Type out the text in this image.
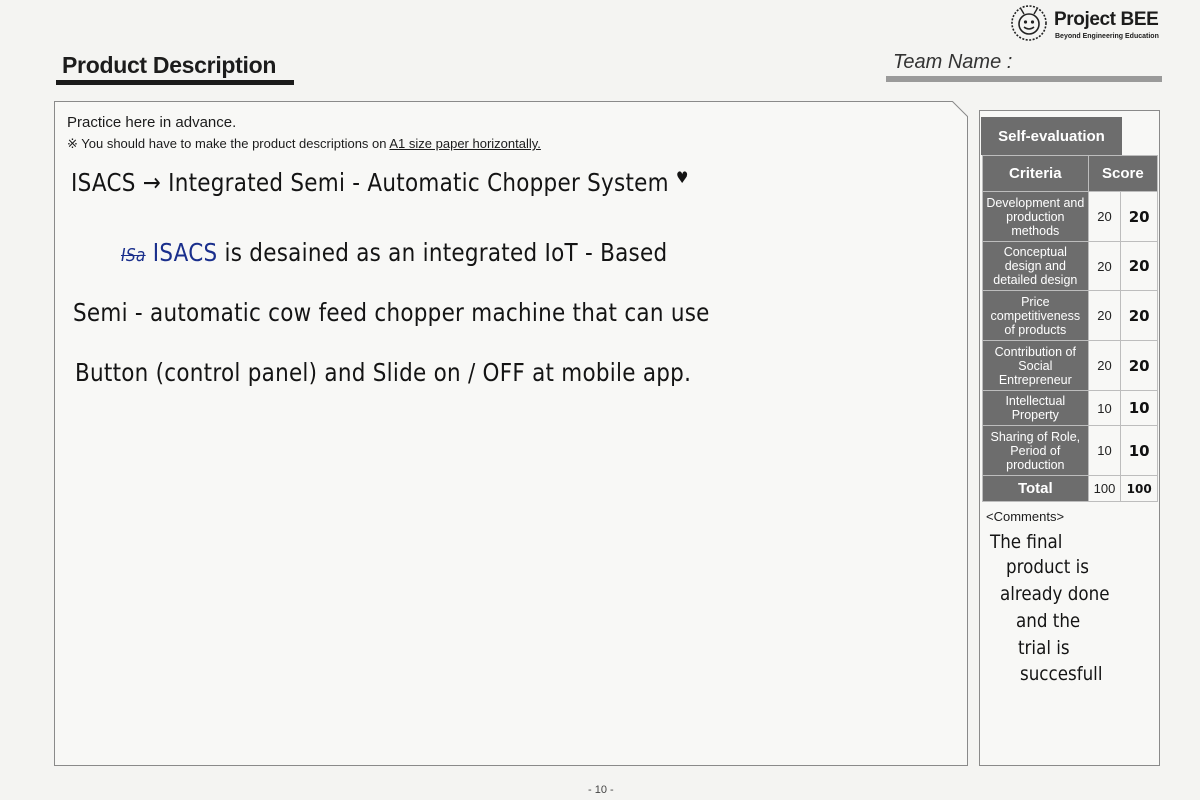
Product Description
Project BEE
Beyond Engineering Education
Team Name :
Practice here in advance.
※ You should have to make the product descriptions on A1 size paper horizontally.
ISACS → Integrated Semi - Automatic Chopper System ♥
ISa ISACS is desained as an integrated IoT - Based
Semi - automatic cow feed chopper machine that can use
Button (control panel) and Slide on / OFF at mobile app.
Self-evaluation
Criteria	Score	
Development and production methods	20	20
Conceptual design and detailed design	20	20
Price competitiveness of products	20	20
Contribution of Social Entrepreneur	20	20
Intellectual Property	10	10
Sharing of Role, Period of production	10	10
Total	100	100
<Comments>
The final
product is
already done
and the
trial is
succesfull
- 10 -
